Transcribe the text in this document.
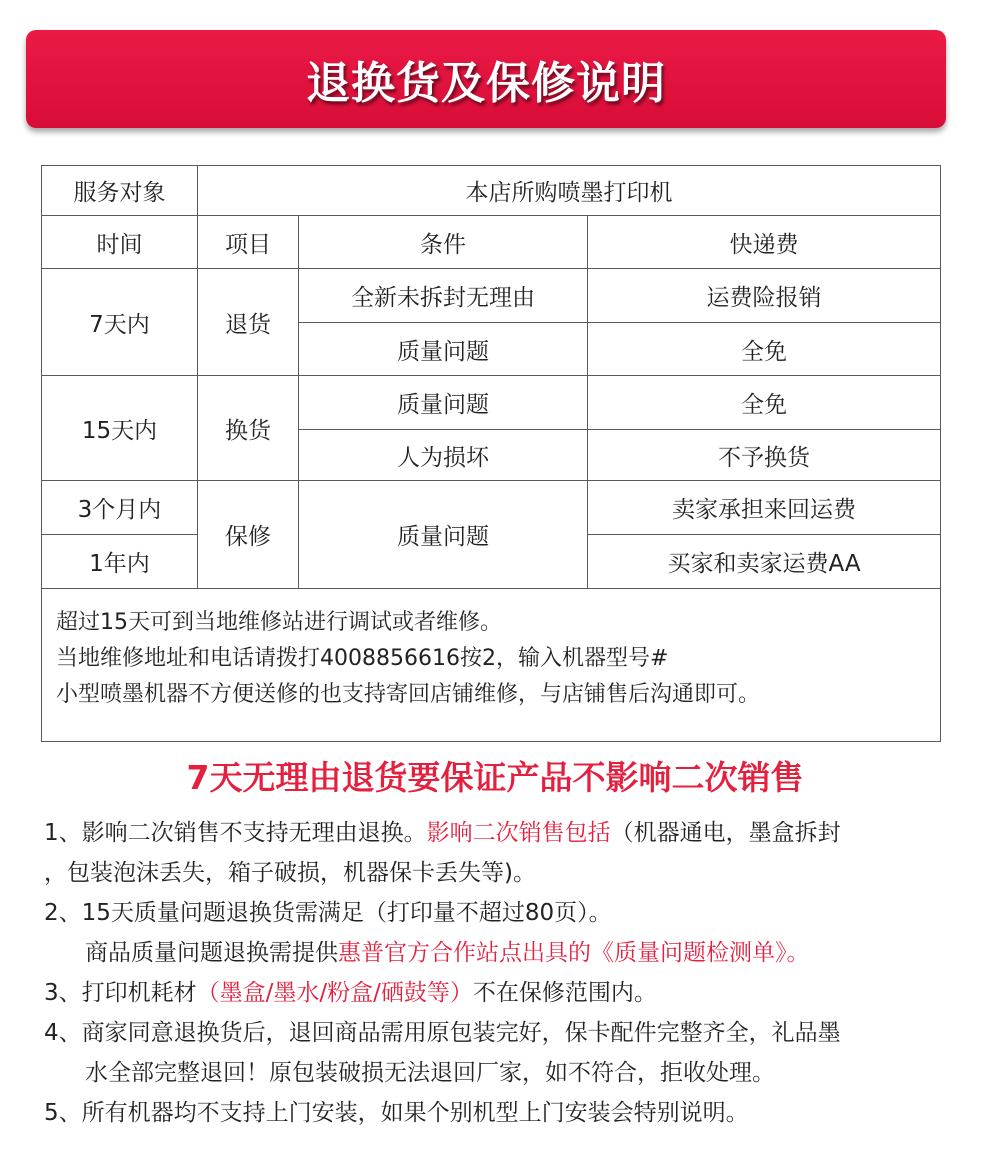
退换货及保修说明
服务对象	本店所购喷墨打印机		
时间	项目	条件	快递费
7天内	退货	全新未拆封无理由	运费险报销
		质量问题	全免
15天内	换货	质量问题	全免
		人为损坏	不予换货
3个月内	保修	质量问题	卖家承担来回运费
1年内			买家和卖家运费AA

超过15天可到当地维修站进行调试或者维修。
当地维修地址和电话请拨打4008856616按2，输入机器型号#
小型喷墨机器不方便送修的也支持寄回店铺维修，与店铺售后沟通即可。			
7天无理由退货要保证产品不影响二次销售
1、影响二次销售不支持无理由退换。影响二次销售包括（机器通电，墨盒拆封
，包装泡沫丢失，箱子破损，机器保卡丢失等)。
2、15天质量问题退换货需满足（打印量不超过80页）。
商品质量问题退换需提供惠普官方合作站点出具的《质量问题检测单》。
3、打印机耗材（墨盒/墨水/粉盒/硒鼓等）不在保修范围内。
4、商家同意退换货后，退回商品需用原包装完好，保卡配件完整齐全，礼品墨
水全部完整退回！原包装破损无法退回厂家，如不符合，拒收处理。
5、所有机器均不支持上门安装，如果个别机型上门安装会特别说明。
